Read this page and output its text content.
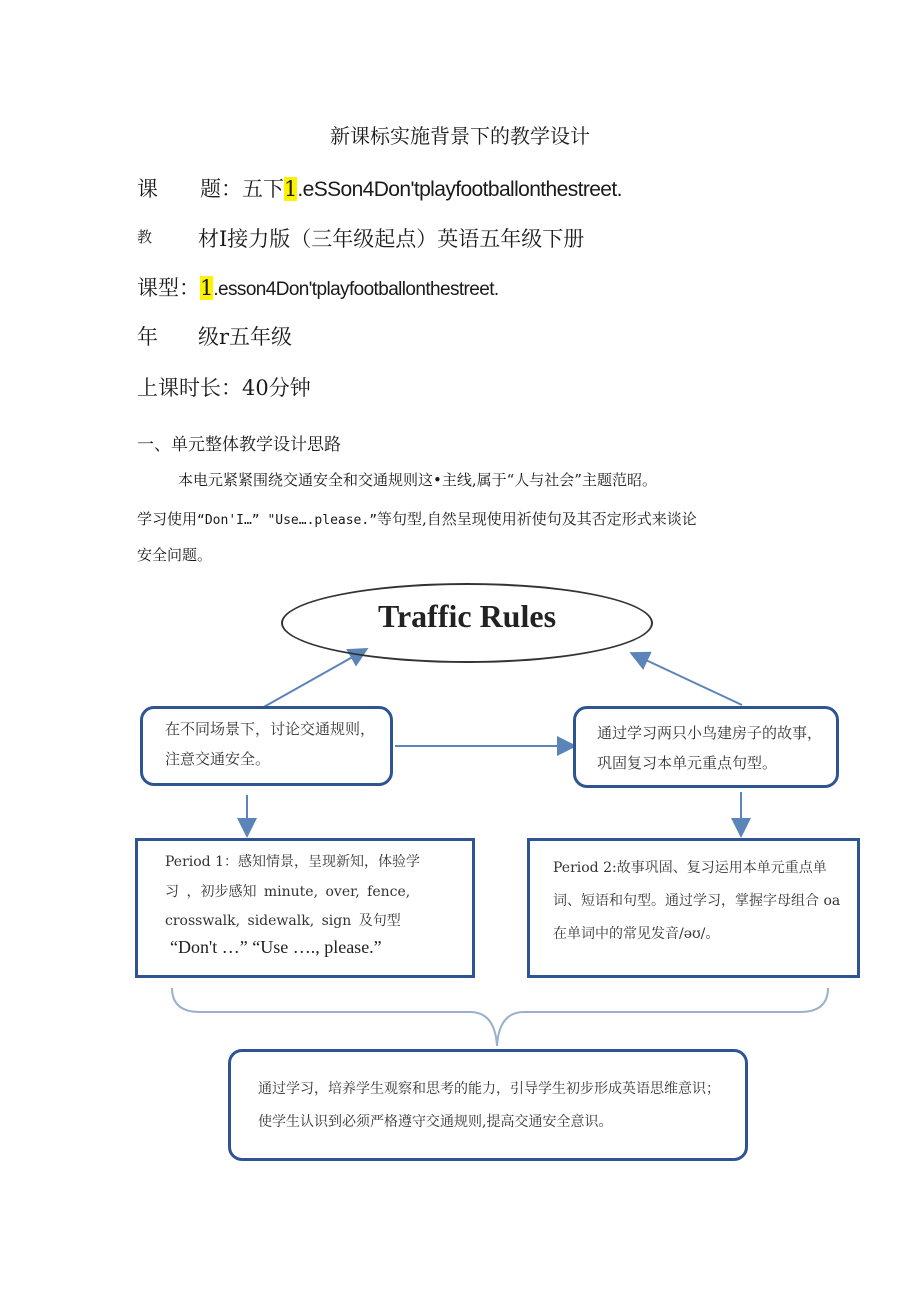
新课标实施背景下的教学设计
课　　题：五下1.eSSon4Don'tplayfootballonthestreet.
教 材I接力版（三年级起点）英语五年级下册
课型：1.esson4Don'tplayfootballonthestreet.
年 级r五年级
上课时长：40分钟
一、单元整体教学设计思路
本电元紧紧围绕交通安全和交通规则这•主线,属于“人与社会”主题范昭。
学习使用“Don'I…” "Use….please.”等句型,自然呈现使用祈使句及其否定形式来谈论
安全问题。
Traffic Rules
在不同场景下，讨论交通规则，注意交通安全。
通过学习两只小鸟建房子的故事，巩固复习本单元重点句型。
Period 1：感知情景，呈现新知，体验学
习 ，初步感知 minute, over, fence,
crosswalk, sidewalk, sign 及句型
“Don't …” “Use …., please.”
Period 2:故事巩固、复习运用本单元重点单词、短语和句型。通过学习，掌握字母组合 oa 在单词中的常见发音/əʊ/。
通过学习，培养学生观察和思考的能力，引导学生初步形成英语思维意识；使学生认识到必须严格遵守交通规则,提高交通安全意识。
